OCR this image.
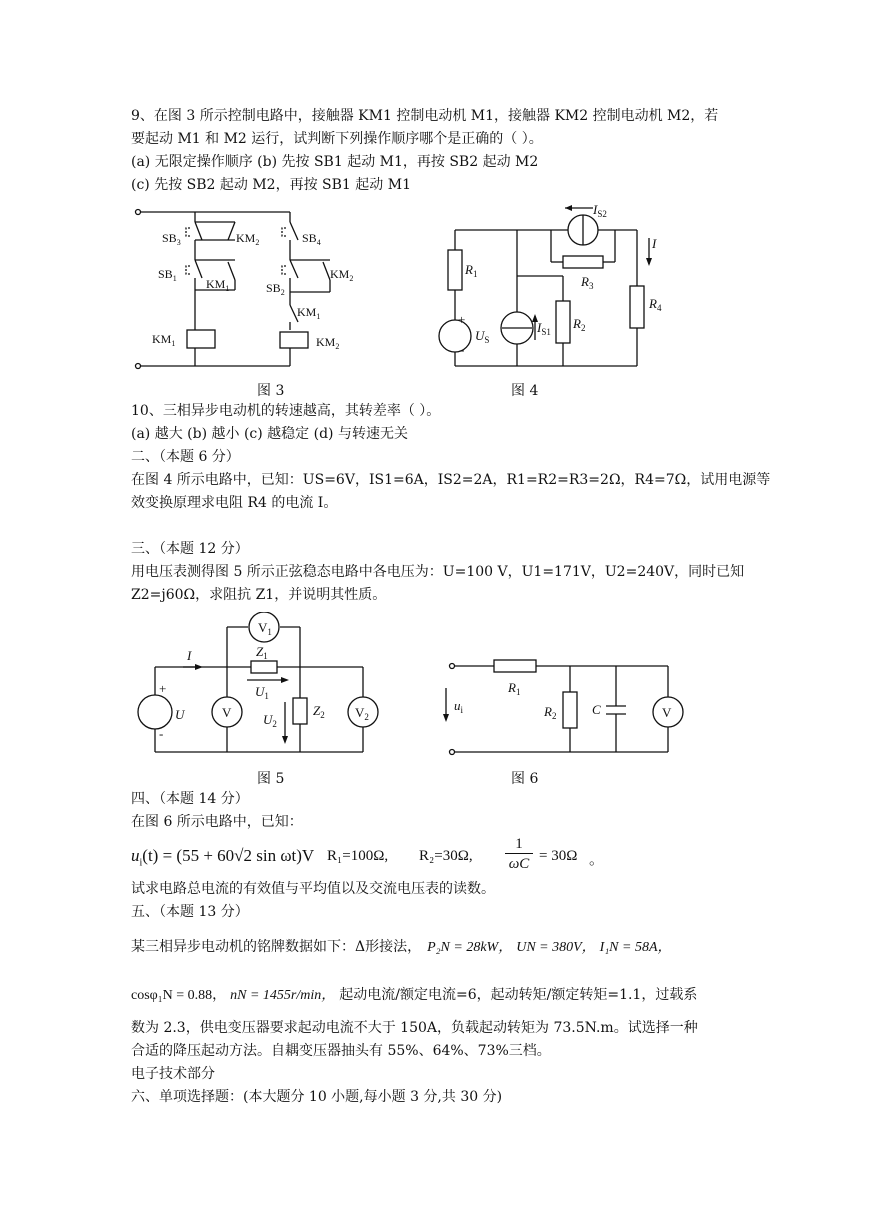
9、在图 3 所示控制电路中，接触器 KM1 控制电动机 M1，接触器 KM2 控制电动机 M2，若
要起动 M1 和 M2 运行，试判断下列操作顺序哪个是正确的（ ）。
(a) 无限定操作顺序 (b) 先按 SB1 起动 M1，再按 SB2 起动 M2
(c) 先按 SB2 起动 M2，再按 SB1 起动 M1
$SB_3$	$KM_2$	$SB_4$
$SB_1$ $KM_1$
$KM_2$
$SB_2$
$KM_1$
$KM_1$	$KM_2$
图 3
$I_{S2}$
I
$R_1$	$R_3$
$R_4$
$U_S$
$I_{S1}$
$R_2$
+
-
图 4
10、三相异步电动机的转速越高，其转差率（ ）。
(a) 越大 (b) 越小 (c) 越稳定 (d) 与转速无关
二、（本题 6 分）
在图 4 所示电路中，已知：US=6V，IS1=6A，IS2=2A，R1=R2=R3=2Ω，R4=7Ω，试用电源等
效变换原理求电阻 R4 的电流 I。
三、（本题 12 分）
用电压表测得图 5 所示正弦稳态电路中各电压为：U=100 V，U1=171V，U2=240V，同时已知
Z2=j60Ω，求阻抗 Z1，并说明其性质。
$V_1$
$Z_1$
I
$U_1$
$U_2$
$Z_2$ $V_2$
V
U
+
-
图 5
$R_1$
$u_i$	$R_2$	C	V
图 6
四、（本题 14 分）
在图 6 所示电路中，已知：
$u_i(t) = (55 + 60√2$ sin ωt)V R₁=100Ω, R₂=30Ω,
1
ωC = 30Ω 。
试求电路总电流的有效值与平均值以及交流电压表的读数。
五、（本题 13 分）
某三相异步电动机的铭牌数据如下：Δ形接法， P₂N = 28kW， UN = 380V， I₁N = 58A，
cosφ₁N = 0.88， nN = 1455r/min， 起动电流/额定电流=6，起动转矩/额定转矩=1.1，过载系
数为 2.3，供电变压器要求起动电流不大于 150A，负载起动转矩为 73.5N.m。试选择一种
合适的降压起动方法。自耦变压器抽头有 55%、64%、73%三档。
电子技术部分
六、单项选择题：(本大题分 10 小题,每小题 3 分,共 30 分)
